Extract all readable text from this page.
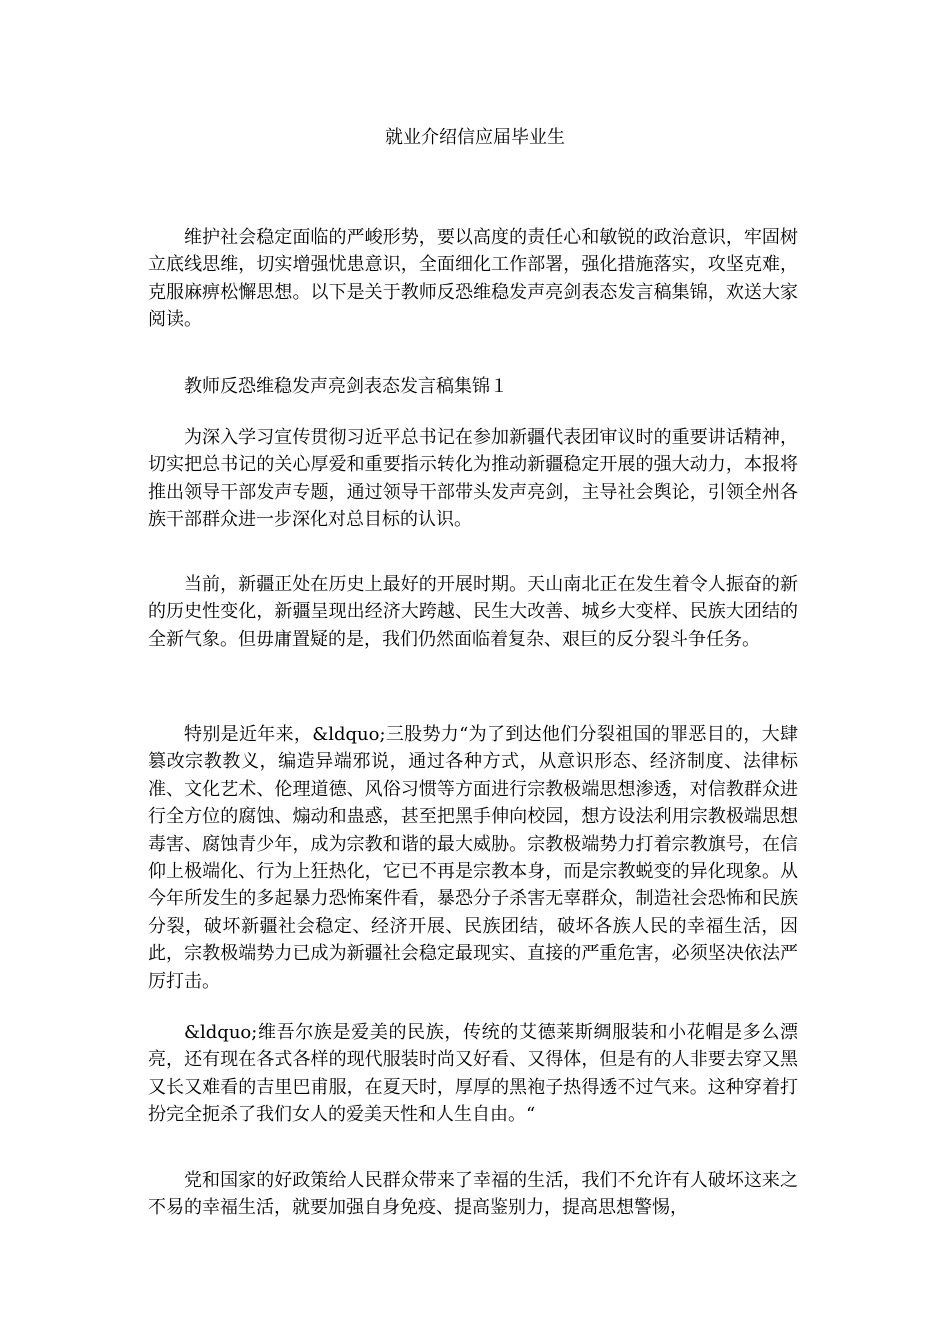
就业介绍信应届毕业生

维护社会稳定面临的严峻形势，要以高度的责任心和敏锐的政治意识，牢固树立底线思维，切实增强忧患意识，全面细化工作部署，强化措施落实，攻坚克难，克服麻痹松懈思想。以下是关于教师反恐维稳发声亮剑表态发言稿集锦，欢送大家阅读。

教师反恐维稳发声亮剑表态发言稿集锦１

为深入学习宣传贯彻习近平总书记在参加新疆代表团审议时的重要讲话精神，切实把总书记的关心厚爱和重要指示转化为推动新疆稳定开展的强大动力，本报将推出领导干部发声专题，通过领导干部带头发声亮剑，主导社会舆论，引领全州各族干部群众进一步深化对总目标的认识。

当前，新疆正处在历史上最好的开展时期。天山南北正在发生着令人振奋的新的历史性变化，新疆呈现出经济大跨越、民生大改善、城乡大变样、民族大团结的全新气象。但毋庸置疑的是，我们仍然面临着复杂、艰巨的反分裂斗争任务。

特别是近年来，&ldquo;三股势力“为了到达他们分裂祖国的罪恶目的，大肆篡改宗教教义，编造异端邪说，通过各种方式，从意识形态、经济制度、法律标准、文化艺术、伦理道德、风俗习惯等方面进行宗教极端思想渗透，对信教群众进行全方位的腐蚀、煽动和蛊惑，甚至把黑手伸向校园，想方设法利用宗教极端思想毒害、腐蚀青少年，成为宗教和谐的最大威胁。宗教极端势力打着宗教旗号，在信仰上极端化、行为上狂热化，它已不再是宗教本身，而是宗教蜕变的异化现象。从今年所发生的多起暴力恐怖案件看，暴恐分子杀害无辜群众，制造社会恐怖和民族分裂，破坏新疆社会稳定、经济开展、民族团结，破坏各族人民的幸福生活，因此，宗教极端势力已成为新疆社会稳定最现实、直接的严重危害，必须坚决依法严厉打击。

&ldquo;维吾尔族是爱美的民族，传统的艾德莱斯绸服装和小花帽是多么漂亮，还有现在各式各样的现代服装时尚又好看、又得体，但是有的人非要去穿又黑又长又难看的吉里巴甫服，在夏天时，厚厚的黑袍子热得透不过气来。这种穿着打扮完全扼杀了我们女人的爱美天性和人生自由。“

党和国家的好政策给人民群众带来了幸福的生活，我们不允许有人破坏这来之不易的幸福生活，就要加强自身免疫、提高鉴别力，提高思想警惕，
